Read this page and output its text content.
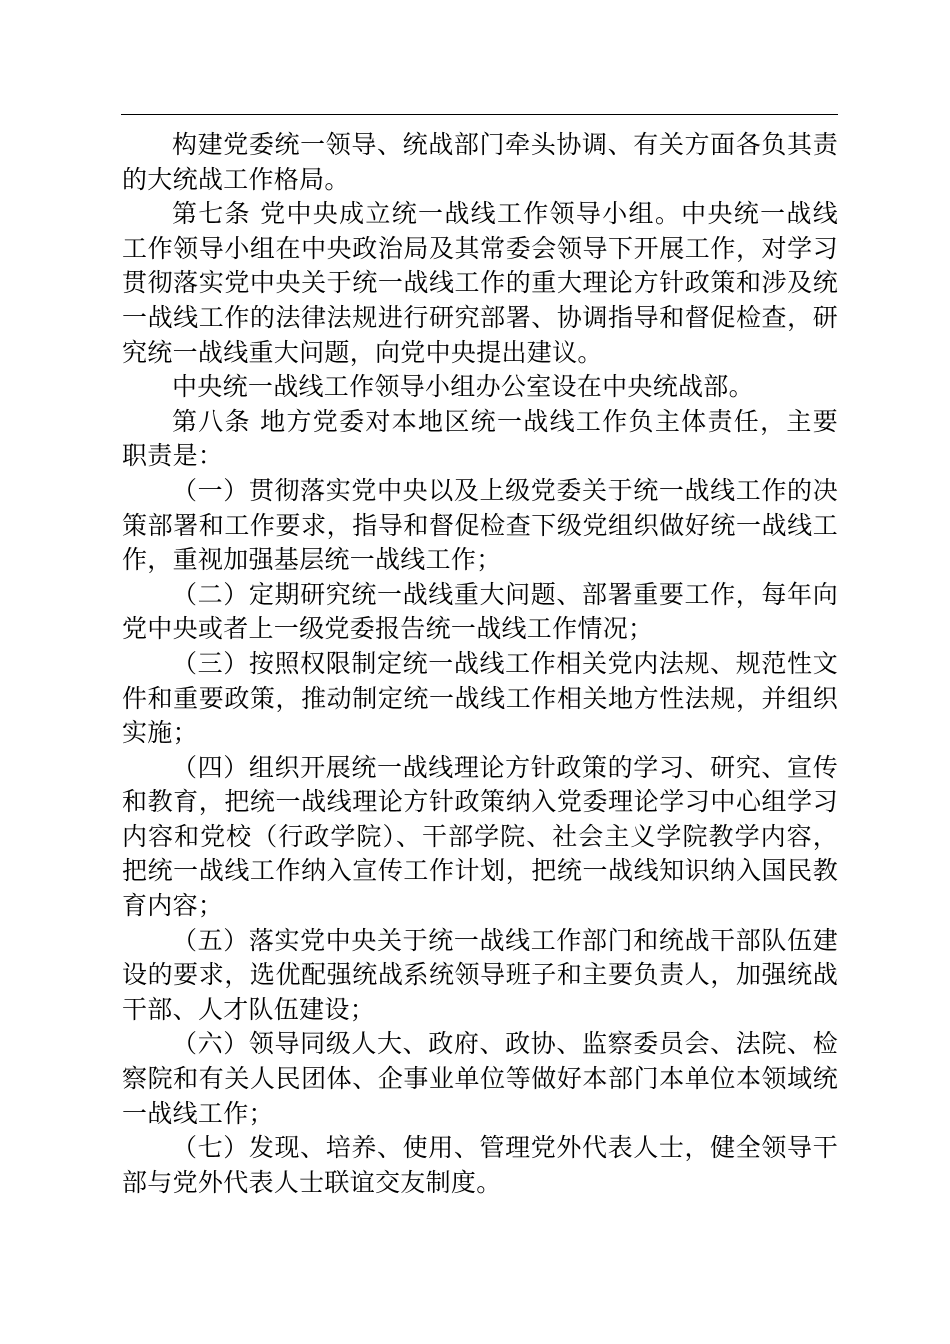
构建党委统一领导、统战部门牵头协调、有关方面各负其责的大统战工作格局。

第七条 党中央成立统一战线工作领导小组。中央统一战线工作领导小组在中央政治局及其常委会领导下开展工作，对学习贯彻落实党中央关于统一战线工作的重大理论方针政策和涉及统一战线工作的法律法规进行研究部署、协调指导和督促检查，研究统一战线重大问题，向党中央提出建议。

中央统一战线工作领导小组办公室设在中央统战部。

第八条 地方党委对本地区统一战线工作负主体责任，主要职责是：

（一）贯彻落实党中央以及上级党委关于统一战线工作的决策部署和工作要求，指导和督促检查下级党组织做好统一战线工作，重视加强基层统一战线工作；

（二）定期研究统一战线重大问题、部署重要工作，每年向党中央或者上一级党委报告统一战线工作情况；

（三）按照权限制定统一战线工作相关党内法规、规范性文件和重要政策，推动制定统一战线工作相关地方性法规，并组织实施；

（四）组织开展统一战线理论方针政策的学习、研究、宣传和教育，把统一战线理论方针政策纳入党委理论学习中心组学习内容和党校（行政学院）、干部学院、社会主义学院教学内容，把统一战线工作纳入宣传工作计划，把统一战线知识纳入国民教育内容；

（五）落实党中央关于统一战线工作部门和统战干部队伍建设的要求，选优配强统战系统领导班子和主要负责人，加强统战干部、人才队伍建设；

（六）领导同级人大、政府、政协、监察委员会、法院、检察院和有关人民团体、企事业单位等做好本部门本单位本领域统一战线工作；

（七）发现、培养、使用、管理党外代表人士，健全领导干部与党外代表人士联谊交友制度。
